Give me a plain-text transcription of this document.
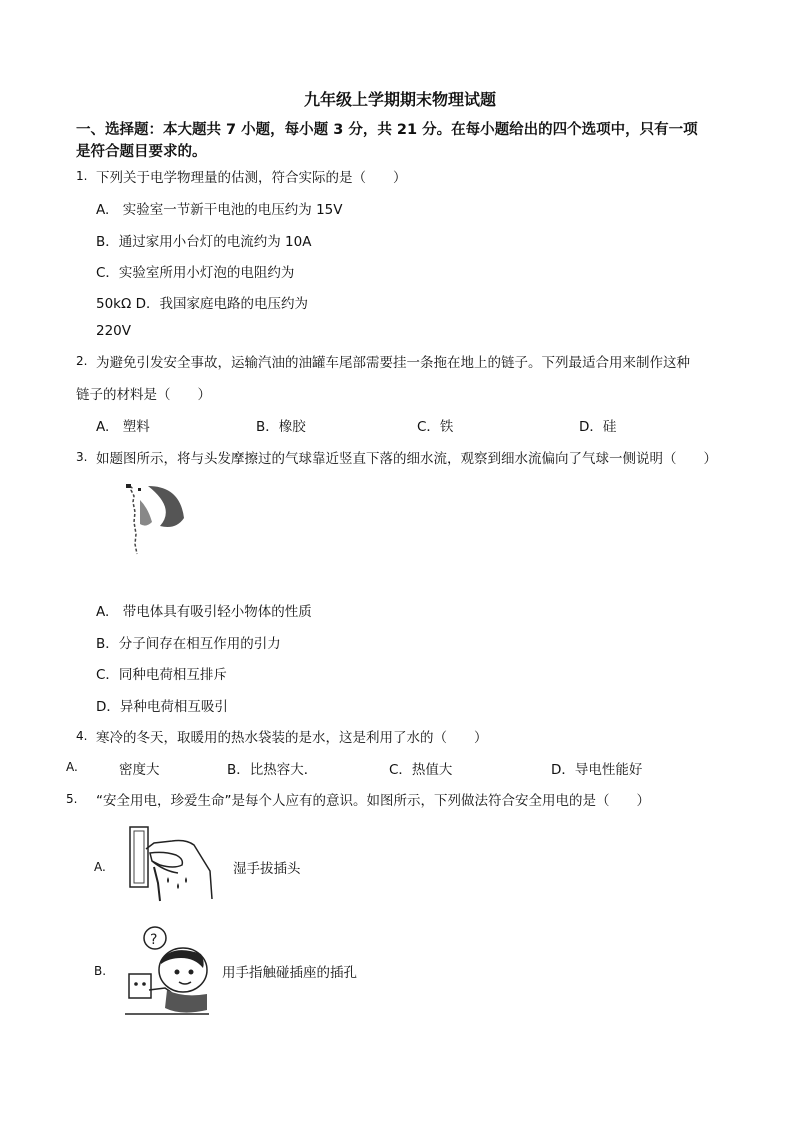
九年级上学期期末物理试题
一、选择题：本大题共 7 小题，每小题 3 分，共 21 分。在每小题给出的四个选项中，只有一项
是符合题目要求的。
1. 下列关于电学物理量的估测，符合实际的是（　　）
A.　实验室一节新干电池的电压约为 15V
B．通过家用小台灯的电流约为 10A
C．实验室所用小灯泡的电阻约为
50kΩ D．我国家庭电路的电压约为
220V
2. 为避免引发安全事故，运输汽油的油罐车尾部需要挂一条拖在地上的链子。下列最适合用来制作这种
链子的材料是（　　）
A.　塑料	B．橡胶	C．铁	D．硅
3. 如题图所示，将与头发摩擦过的气球靠近竖直下落的细水流，观察到细水流偏向了气球一侧说明（　　）
A.　带电体具有吸引轻小物体的性质
B．分子间存在相互作用的引力
C．同种电荷相互排斥
D．异种电荷相互吸引
4. 寒冷的冬天，取暖用的热水袋装的是水，这是利用了水的（　　）
A.	密度大	B．比热容大．	C．热值大	D．导电性能好
5. “安全用电，珍爱生命”是每个人应有的意识。如图所示，下列做法符合安全用电的是（　　）
A.	湿手拔插头
B.
?
用手指触碰插座的插孔
